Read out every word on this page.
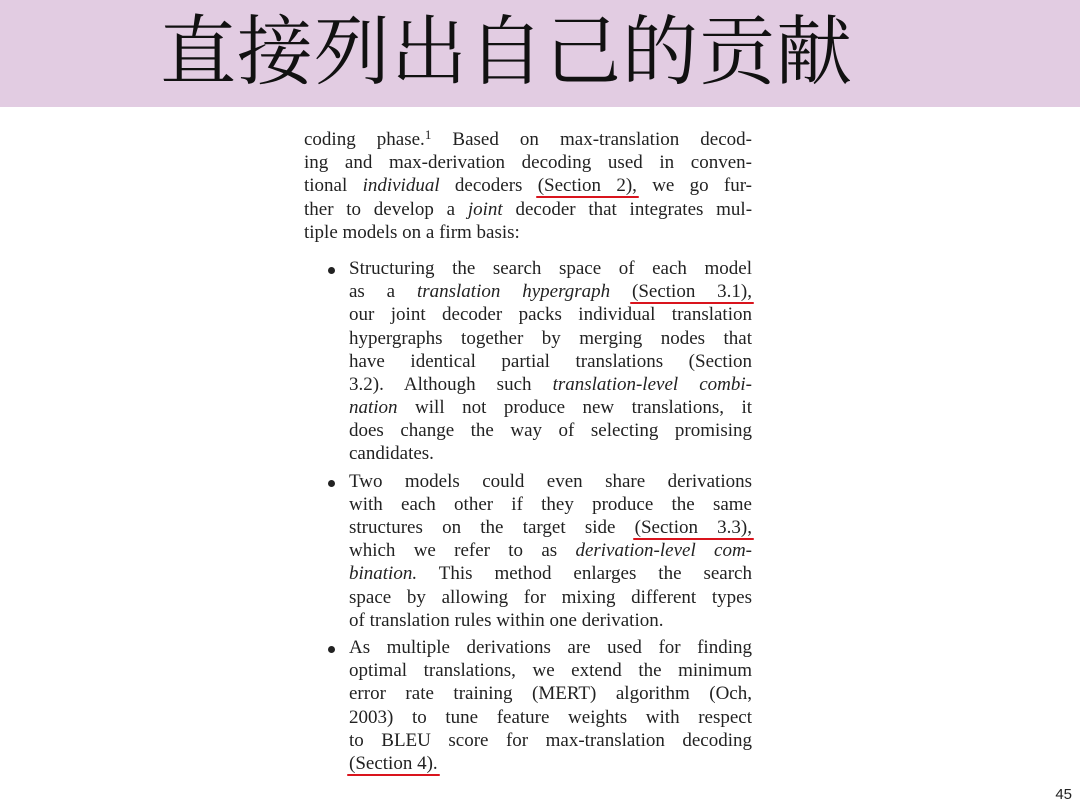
直接列出自己的贡献

coding phase.$^1$ Based on max-translation decod-
ing and max-derivation decoding used in conven-
tional individual decoders (Section 2), we go fur-
ther to develop a joint decoder that integrates mul-
tiple models on a firm basis:

Structuring the search space of each model
as a translation hypergraph (Section 3.1),
our joint decoder packs individual translation
hypergraphs together by merging nodes that
have identical partial translations (Section
3.2). Although such translation-level combi-
nation will not produce new translations, it
does change the way of selecting promising
candidates.
Two models could even share derivations
with each other if they produce the same
structures on the target side (Section 3.3),
which we refer to as derivation-level com-
bination. This method enlarges the search
space by allowing for mixing different types
of translation rules within one derivation.
As multiple derivations are used for finding
optimal translations, we extend the minimum
error rate training (MERT) algorithm (Och,
2003) to tune feature weights with respect
to BLEU score for max-translation decoding
(Section 4).
45
